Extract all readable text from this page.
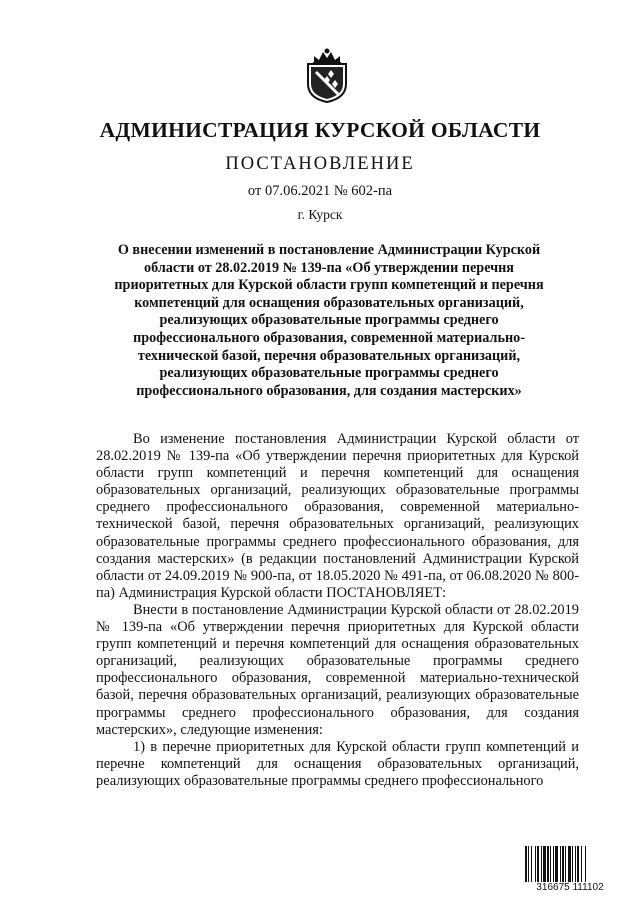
АДМИНИСТРАЦИЯ КУРСКОЙ ОБЛАСТИ
ПОСТАНОВЛЕНИЕ
от 07.06.2021 № 602-па
г. Курск
О внесении изменений в постановление Администрации Курской области от 28.02.2019 № 139-па «Об утверждении перечня приоритетных для Курской области групп компетенций и перечня компетенций для оснащения образовательных организаций, реализующих образовательные программы среднего профессионального образования, современной материально-технической базой, перечня образовательных организаций, реализующих образовательные программы среднего профессионального образования, для создания мастерских»

Во изменение постановления Администрации Курской области от 28.02.2019 № 139-па «Об утверждении перечня приоритетных для Курской области групп компетенций и перечня компетенций для оснащения образовательных организаций, реализующих образовательные программы среднего профессионального образования, современной материально-технической базой, перечня образовательных организаций, реализующих образовательные программы среднего профессионального образования, для создания мастерских» (в редакции постановлений Администрации Курской области от 24.09.2019 № 900-па, от 18.05.2020 № 491-па, от 06.08.2020 № 800-па) Администрация Курской области ПОСТАНОВЛЯЕТ:

Внести в постановление Администрации Курской области от 28.02.2019 № 139-па «Об утверждении перечня приоритетных для Курской области групп компетенций и перечня компетенций для оснащения образовательных организаций, реализующих образовательные программы среднего профессионального образования, современной материально-технической базой, перечня образовательных организаций, реализующих образовательные программы среднего профессионального образования, для создания мастерских», следующие изменения:

1) в перечне приоритетных для Курской области групп компетенций и перечне компетенций для оснащения образовательных организаций, реализующих образовательные программы среднего профессионального

316675 111102
